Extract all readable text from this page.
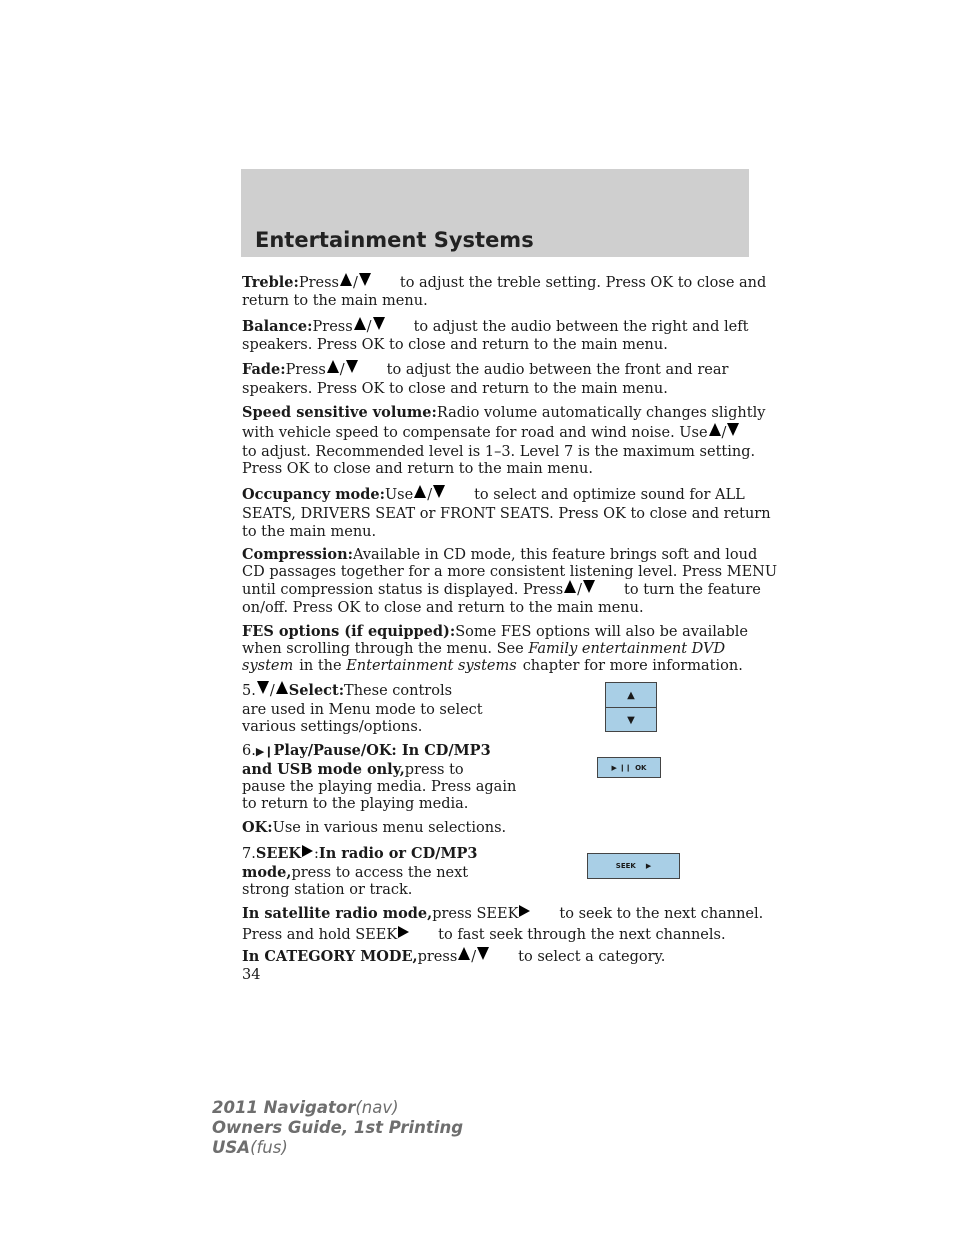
Entertainment Systems
Treble:Press /	to adjust the treble setting. Press OK to close and
return to the main menu.
Balance:Press /	to adjust the audio between the right and left
speakers. Press OK to close and return to the main menu.
Fade:Press /	to adjust the audio between the front and rear
speakers. Press OK to close and return to the main menu.
Speed sensitive volume:Radio volume automatically changes slightly
with vehicle speed to compensate for road and wind noise. Use /
to adjust. Recommended level is 1–3. Level 7 is the maximum setting.
Press OK to close and return to the main menu.
Occupancy mode:Use /	to select and optimize sound for ALL
SEATS, DRIVERS SEAT or FRONT SEATS. Press OK to close and return
to the main menu.
Compression:Available in CD mode, this feature brings soft and loud
CD passages together for a more consistent listening level. Press MENU
until compression status is displayed. Press /	to turn the feature
on/off. Press OK to close and return to the main menu.
FES options (if equipped):Some FES options will also be available
when scrolling through the menu. See Family entertainment DVD
system in the Entertainment systems chapter for more information.
5. / Select:These controls
are used in Menu mode to select
various settings/options.
6.▶❙Play/Pause/OK: In CD/MP3
and USB mode only,press to
pause the playing media. Press again
to return to the playing media.
OK:Use in various menu selections.
7.SEEK :In radio or CD/MP3
mode,press to access the next
strong station or track.
In satellite radio mode,press SEEK	to seek to the next channel.
Press and hold SEEK	to fast seek through the next channels.
In CATEGORY MODE,press /	to select a category.
34
▲
▼
▶ ❙❙ OK
SEEK ▶
2011 Navigator(nav)
Owners Guide, 1st Printing
USA(fus)
